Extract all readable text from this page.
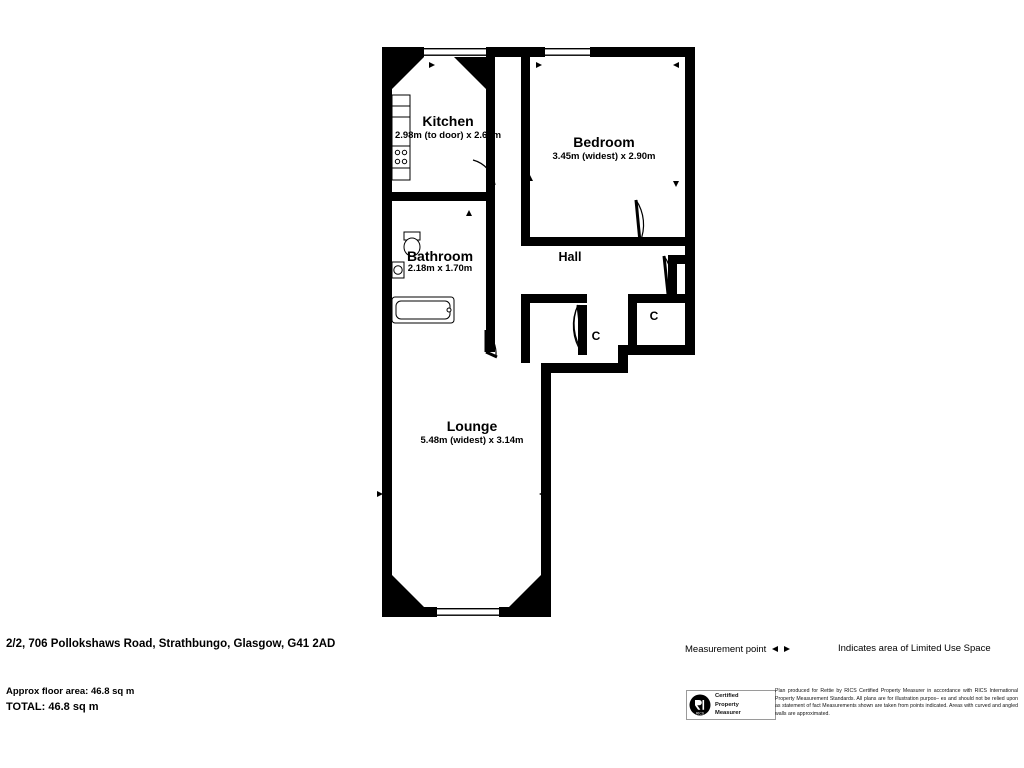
Kitchen
2.98m (to door) x 2.63m	Bedroom
3.45m (widest) x 2.90m
Bathroom
2.18m x 1.70m
Hall
Lounge
5.48m (widest) x 3.14m
C
C
2/2, 706 Pollokshaws Road, Strathbungo, Glasgow, G41 2AD
Approx floor area: 46.8 sq m
TOTAL: 46.8 sq m
Measurement point	Indicates area of Limited Use Space
RICS
Certified
Property
Measurer
Plan produced for Rettie by RICS Certified Property Measurer in accordance with RICS International Property Measurement Standards. All plans are for illustration purpos– es and should not be relied upon as statement of fact Measurements shown are taken from points indicated. Areas with curved and angled walls are approximated.
